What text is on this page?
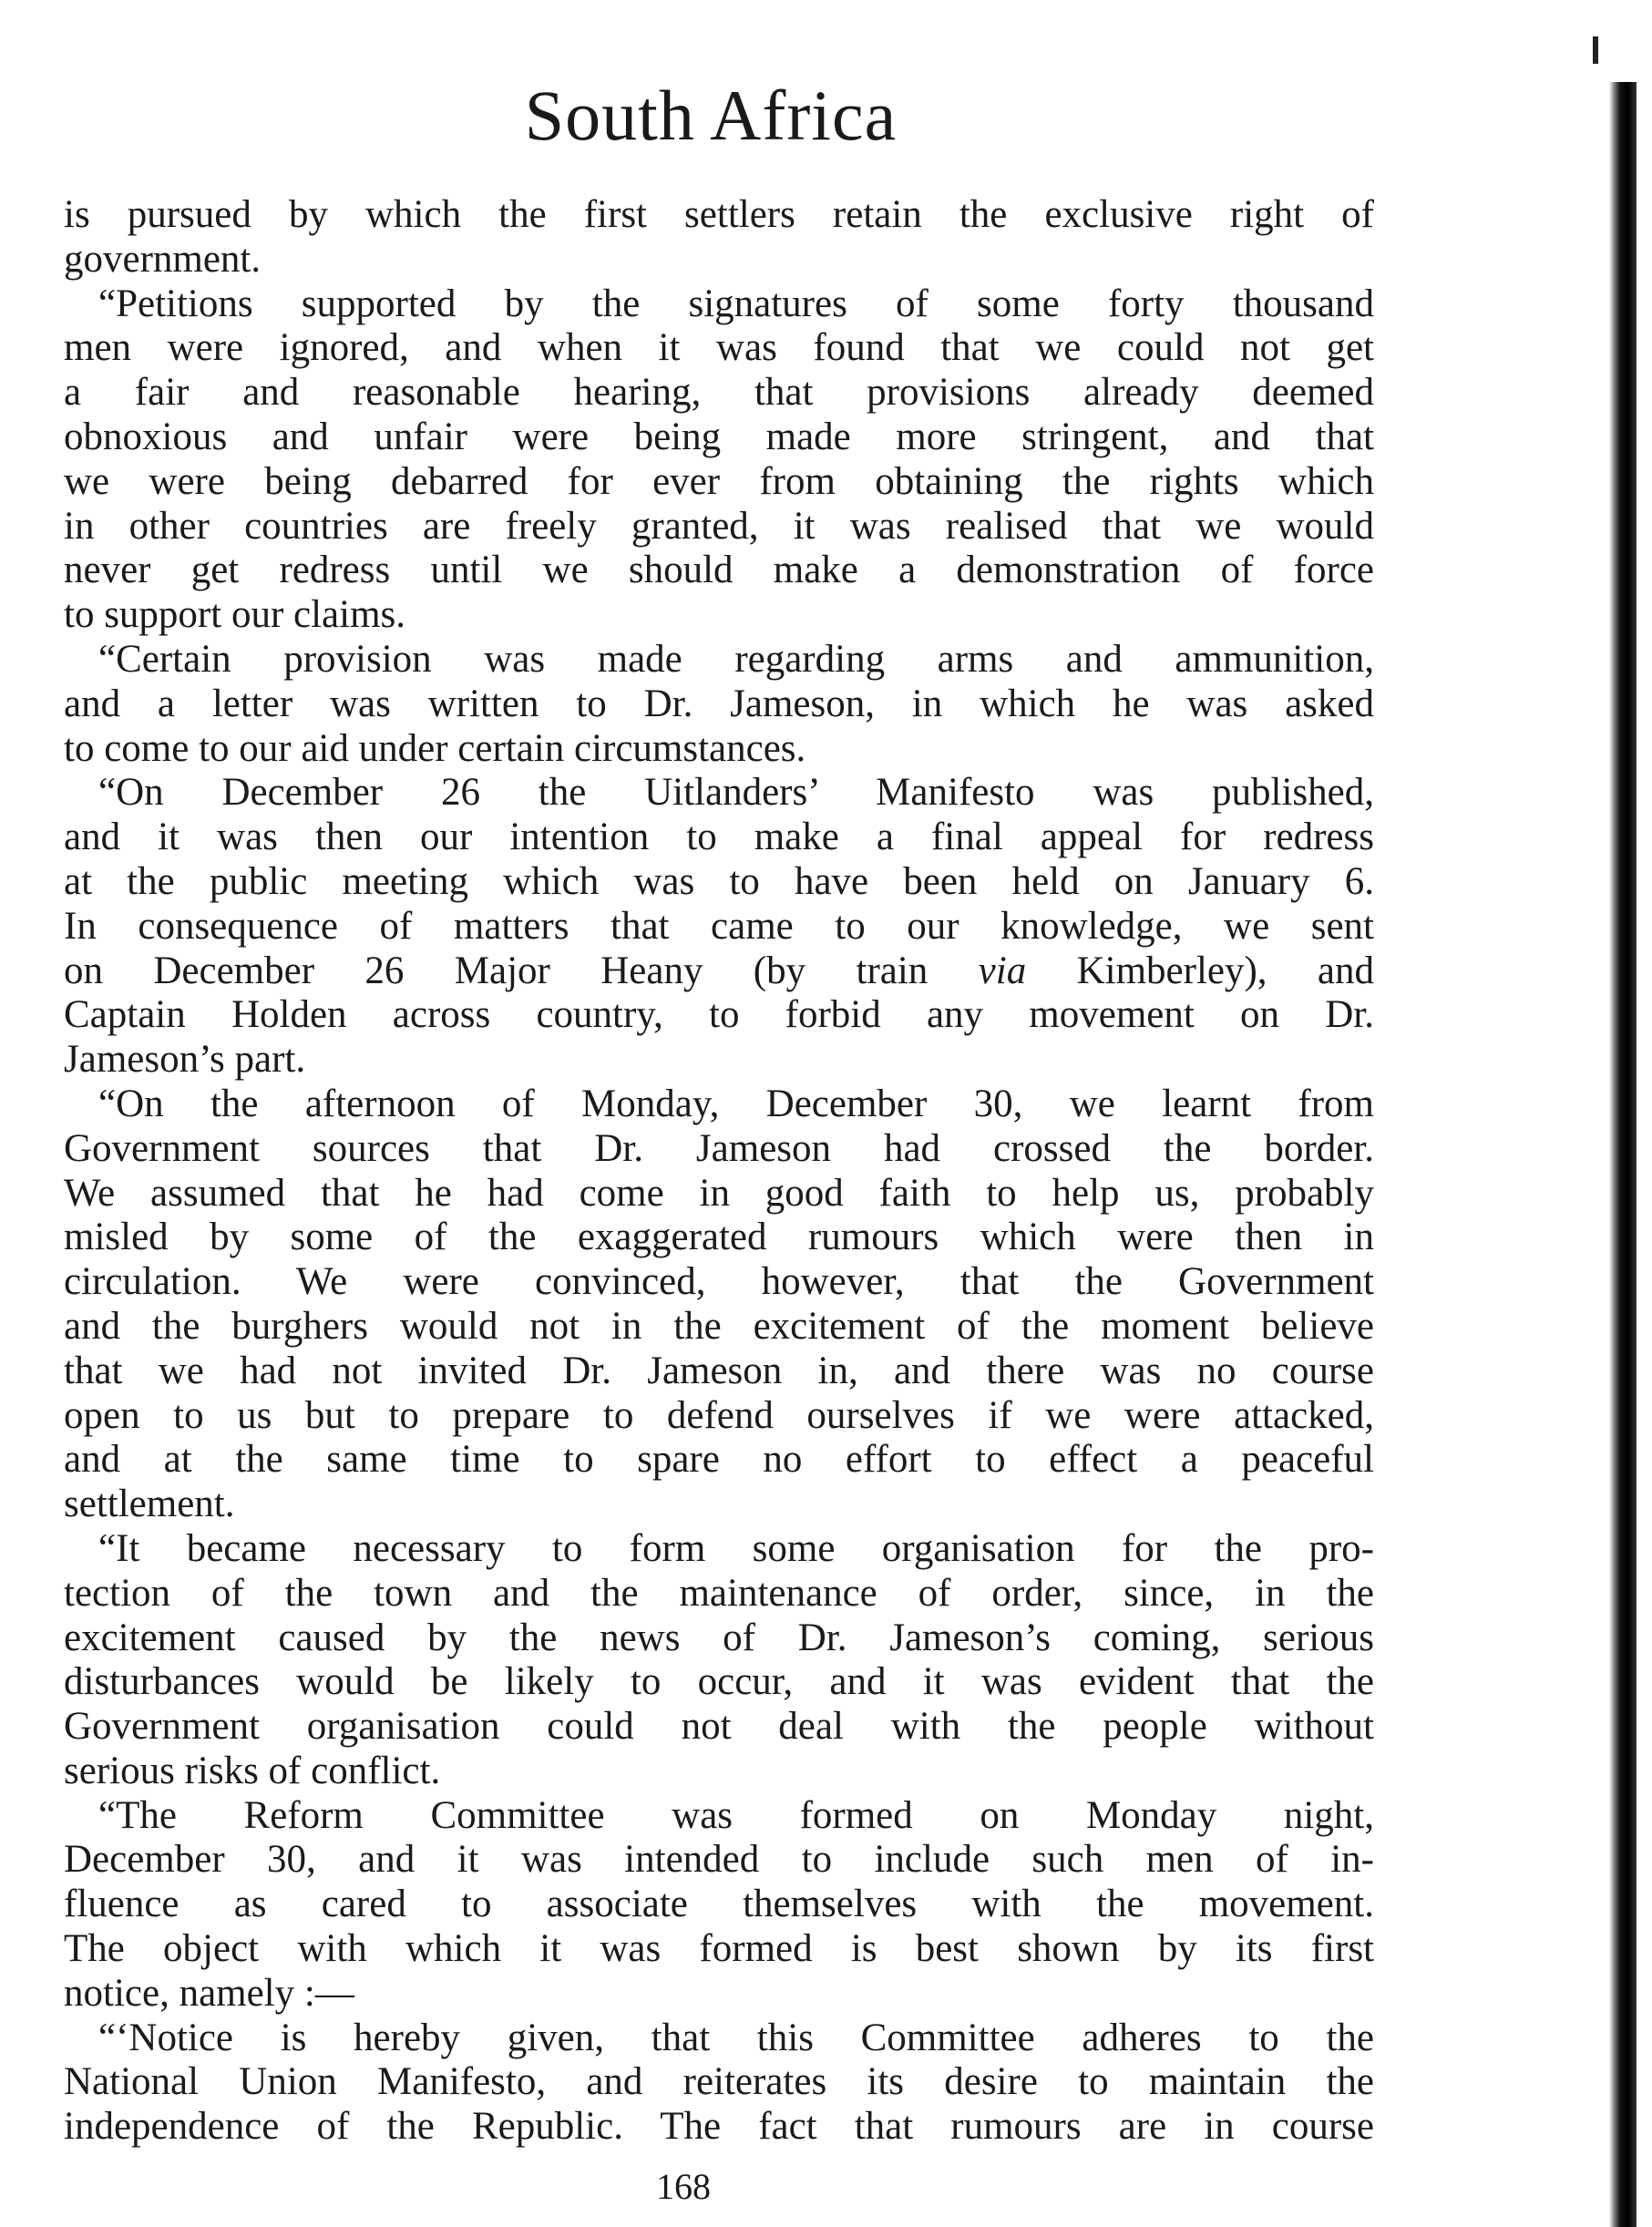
South Africa
is pursued by which the first settlers retain the exclusive right of
government.
“Petitions supported by the signatures of some forty thousand
men were ignored, and when it was found that we could not get
a fair and reasonable hearing, that provisions already deemed
obnoxious and unfair were being made more stringent, and that
we were being debarred for ever from obtaining the rights which
in other countries are freely granted, it was realised that we would
never get redress until we should make a demonstration of force
to support our claims.
“Certain provision was made regarding arms and ammunition,
and a letter was written to Dr. Jameson, in which he was asked
to come to our aid under certain circumstances.
“On December 26 the Uitlanders’ Manifesto was published,
and it was then our intention to make a final appeal for redress
at the public meeting which was to have been held on January 6.
In consequence of matters that came to our knowledge, we sent
on December 26 Major Heany (by train via Kimberley), and
Captain Holden across country, to forbid any movement on Dr.
Jameson’s part.
“On the afternoon of Monday, December 30, we learnt from
Government sources that Dr. Jameson had crossed the border.
We assumed that he had come in good faith to help us, probably
misled by some of the exaggerated rumours which were then in
circulation. We were convinced, however, that the Government
and the burghers would not in the excitement of the moment believe
that we had not invited Dr. Jameson in, and there was no course
open to us but to prepare to defend ourselves if we were attacked,
and at the same time to spare no effort to effect a peaceful
settlement.
“It became necessary to form some organisation for the pro-
tection of the town and the maintenance of order, since, in the
excitement caused by the news of Dr. Jameson’s coming, serious
disturbances would be likely to occur, and it was evident that the
Government organisation could not deal with the people without
serious risks of conflict.
“The Reform Committee was formed on Monday night,
December 30, and it was intended to include such men of in-
fluence as cared to associate themselves with the movement.
The object with which it was formed is best shown by its first
notice, namely :—
“‘Notice is hereby given, that this Committee adheres to the
National Union Manifesto, and reiterates its desire to maintain the
independence of the Republic. The fact that rumours are in course
168
